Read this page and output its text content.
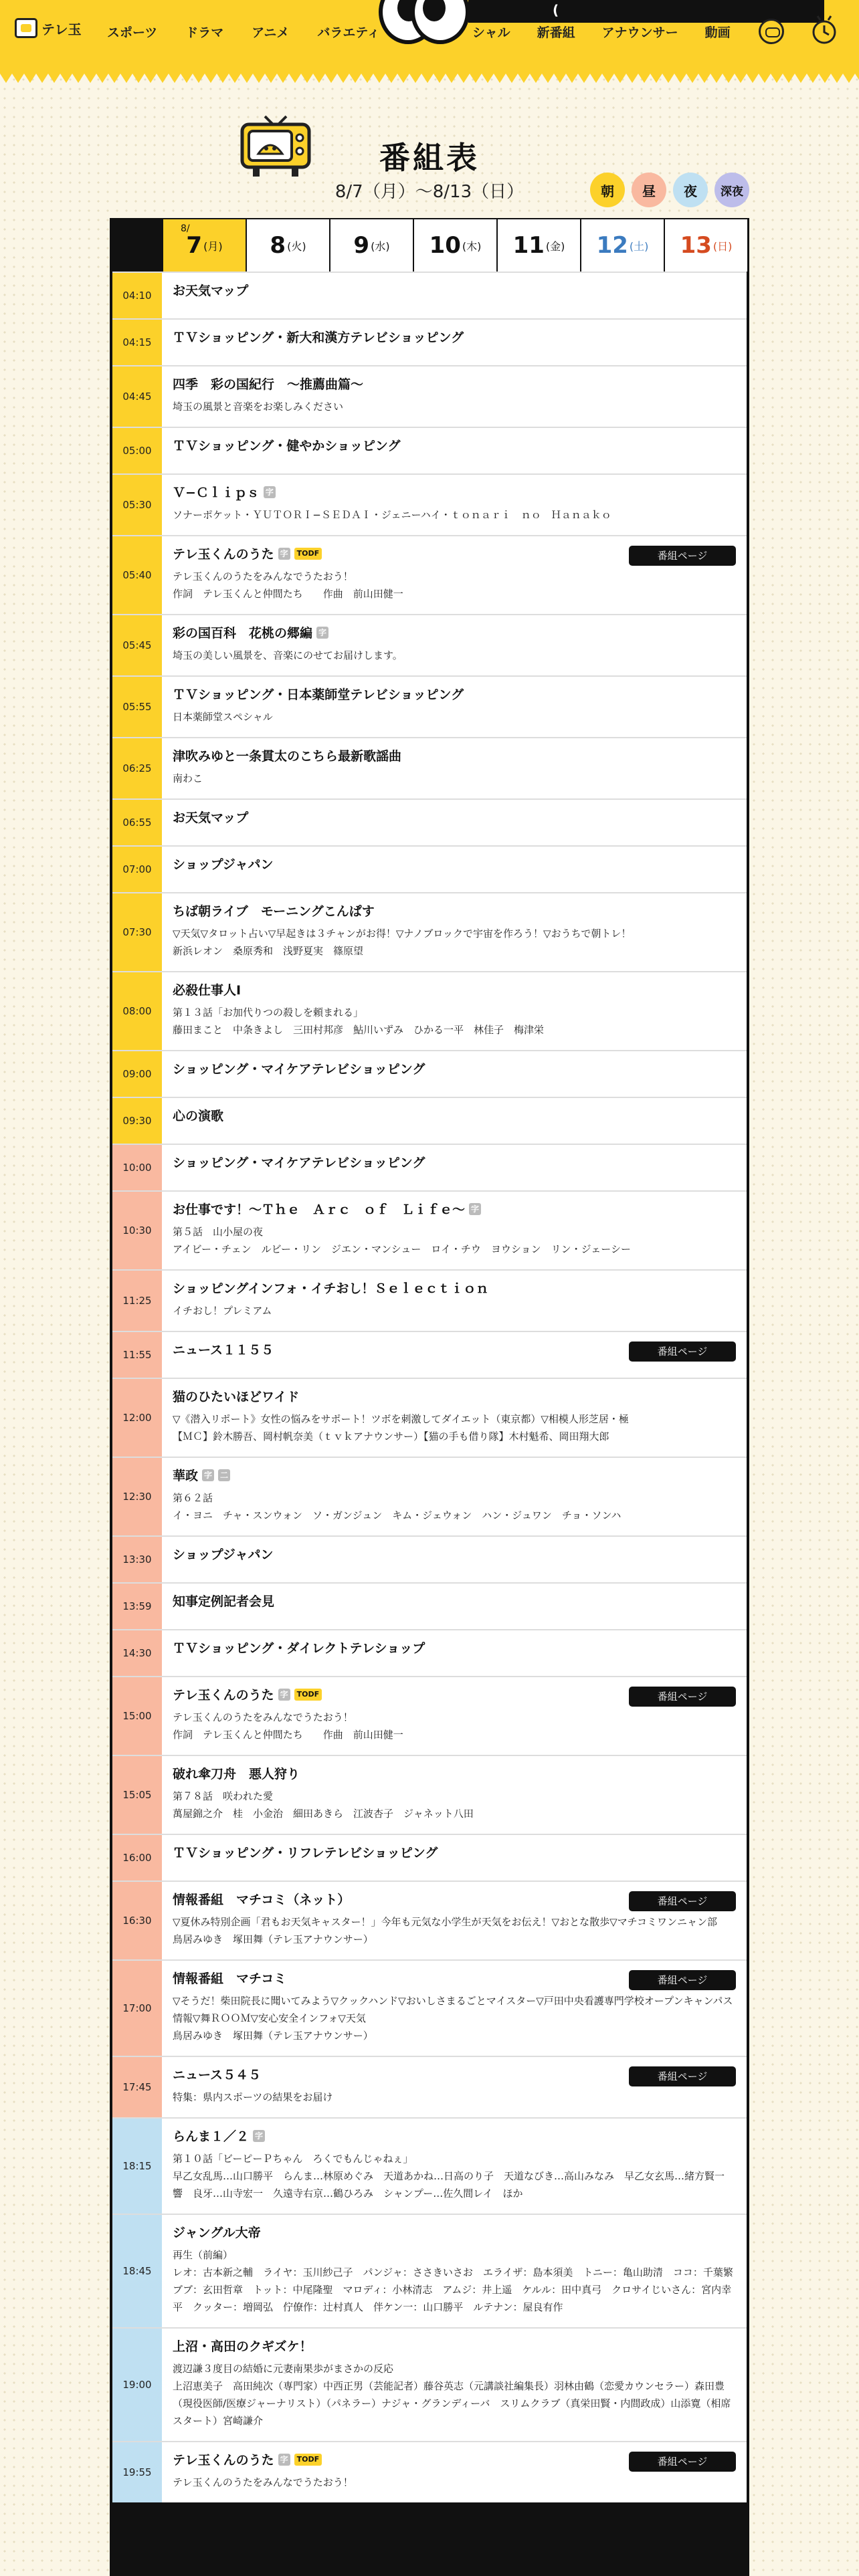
テレ玉 スポーツ ドラマ アニメ バラエティ
(
シャル 新番組 アナウンサー 動画
番組表
8/7（月）〜8/13（日）	朝 昼 夜 深夜
8/
7 (月) 8 (火) 9 (水) 10 (木) 11 (金) 12 (土) 13 (日)
04:10	お天気マップ
04:15	ＴＶショッピング・新大和漢方テレビショッピング
04:45
四季　彩の国紀行　〜推薦曲篇〜
埼玉の風景と音楽をお楽しみください
05:00	ＴＶショッピング・健やかショッピング
05:30
Ｖ−Ｃｌｉｐｓ 字
ソナーポケット・ＹＵＴＯＲＩ−ＳＥＤＡＩ・ジェニーハイ・ｔｏｎａｒｉ　ｎｏ　Ｈａｎａｋｏ
05:40
テレ玉くんのうた 字	TODF
テレ玉くんのうたをみんなでうたおう！
作詞　テレ玉くんと仲間たち　　作曲　前山田健一
番組ページ
05:45
彩の国百科　花桃の郷編 字
埼玉の美しい風景を、音楽にのせてお届けします。
05:55
ＴＶショッピング・日本薬師堂テレビショッピング
日本薬師堂スペシャル
06:25
津吹みゆと一条貫太のこちら最新歌謡曲
南わこ
06:55	お天気マップ
07:00	ショップジャパン
07:30
ちば朝ライブ　モーニングこんぱす
▽天気▽タロット占い▽早起きは３チャンがお得！▽ナノブロックで宇宙を作ろう！▽おうちで朝トレ！
新浜レオン　桑原秀和　浅野夏実　篠原望
08:00
必殺仕事人Ⅰ
第１３話「お加代りつの殺しを頼まれる」
藤田まこと　中条きよし　三田村邦彦　鮎川いずみ　ひかる一平　林佳子　梅津栄
09:00	ショッピング・マイケアテレビショッピング
09:30	心の演歌
10:00	ショッピング・マイケアテレビショッピング
10:30
お仕事です！〜Ｔｈｅ　Ａｒｃ　ｏｆ　Ｌｉｆｅ〜 字
第５話　山小屋の夜
アイビー・チェン　ルビー・リン　ジエン・マンシュー　ロイ・チウ　ヨウション　リン・ジェーシー
11:25
ショッピングインフォ・イチおし！Ｓｅｌｅｃｔｉｏｎ
イチおし！プレミアム
11:55	ニュース１１５５	番組ページ
12:00
猫のひたいほどワイド
▽《潜入リポート》女性の悩みをサポート！ツボを刺激してダイエット（東京都）▽相模人形芝居・極
【ＭＣ】鈴木勝吾、岡村帆奈美（ｔｖｋアナウンサー）【猫の手も借り隊】木村魁希、岡田翔大郎
12:30
華政 字 二
第６２話
イ・ヨニ　チャ・スンウォン　ソ・ガンジュン　キム・ジェウォン　ハン・ジュワン　チョ・ソンハ
13:30	ショップジャパン
13:59	知事定例記者会見
14:30	ＴＶショッピング・ダイレクトテレショップ
15:00
テレ玉くんのうた 字	TODF
テレ玉くんのうたをみんなでうたおう！
作詞　テレ玉くんと仲間たち　　作曲　前山田健一
番組ページ
15:05
破れ傘刀舟　悪人狩り
第７８話　咲われた愛
萬屋錦之介　桂　小金治　細田あきら　江波杏子　ジャネット八田
16:00	ＴＶショッピング・リフレテレビショッピング
16:30
情報番組　マチコミ（ネット）
▽夏休み特別企画「君もお天気キャスター！」今年も元気な小学生が天気をお伝え！▽おとな散歩▽マチコミワンニャン部
鳥居みゆき　塚田舞（テレ玉アナウンサー）
番組ページ
17:00
情報番組　マチコミ
▽そうだ！柴田院長に聞いてみよう▽クックハンド▽おいしさまるごとマイスター▽戸田中央看護専門学校オープンキャンパス情報▽舞ＲＯＯＭ▽安心安全インフォ▽天気
鳥居みゆき　塚田舞（テレ玉アナウンサー）
番組ページ
17:45
ニュース５４５
特集：県内スポーツの結果をお届け
番組ページ
18:15
らんま１／２ 字
第１０話「ビーピーＰちゃん　ろくでもんじゃねぇ」
早乙女乱馬…山口勝平　らんま…林原めぐみ　天道あかね…日高のり子　天道なびき…高山みなみ　早乙女玄馬…緒方賢一　響　良牙…山寺宏一　久遠寺右京…鶴ひろみ　シャンプー…佐久間レイ　ほか
18:45
ジャングル大帝
再生（前編）
レオ：古本新之輔　ライヤ：玉川紗己子　パンジャ：ささきいさお　エライザ：島本須美　トニー：亀山助清　ココ：千葉繁　ブブ：玄田哲章　トット：中尾隆聖　マロディ：小林清志　アムジ：井上遥　ケルル：田中真弓　クロサイじいさん：宮内幸平　クッター：増岡弘　佇僚作：辻村真人　伴ケン一：山口勝平　ルテナン：屋良有作
19:00
上沼・高田のクギズケ！
渡辺謙３度目の結婚に元妻南果歩がまさかの反応
上沼恵美子　高田純次（専門家）中西正男（芸能記者）藤谷英志（元講談社編集長）羽林由鶴（恋愛カウンセラー）森田豊（現役医師/医療ジャーナリスト）（パネラー）ナジャ・グランディーバ　スリムクラブ（真栄田賢・内間政成）山添寛（相席スタート）宮崎謙介
19:55
テレ玉くんのうた 字	TODF
テレ玉くんのうたをみんなでうたおう！
番組ページ
